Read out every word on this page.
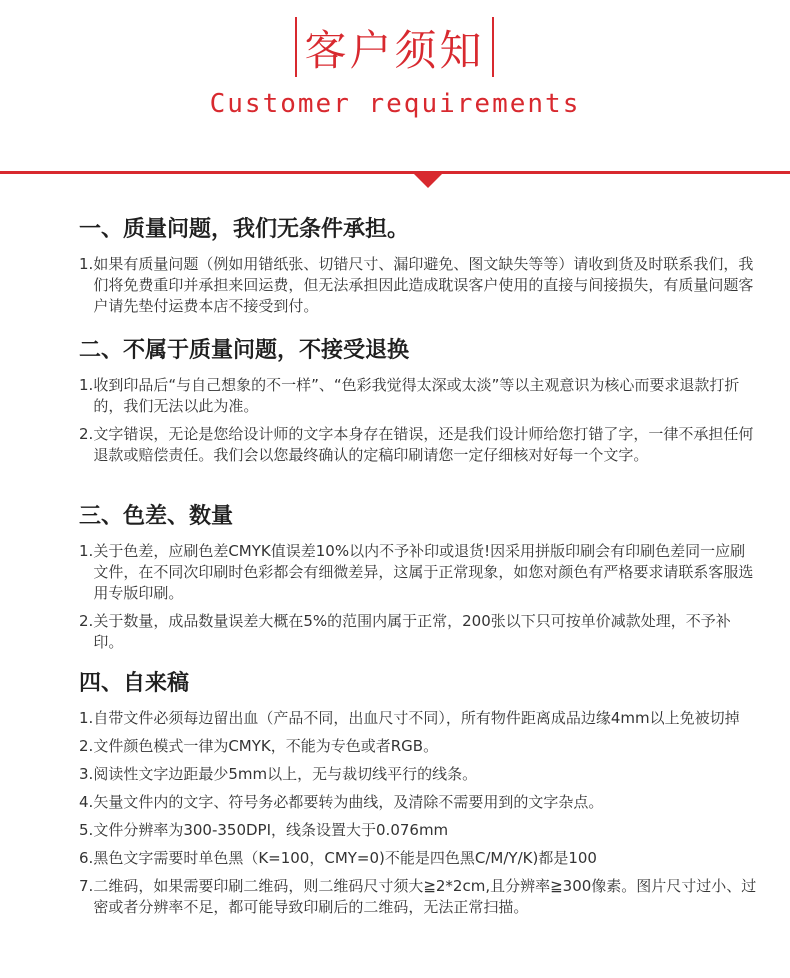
客户须知
Customer requirements
一、质量问题，我们无条件承担。
1. 如果有质量问题（例如用错纸张、切错尺寸、漏印避免、图文缺失等等）请收到货及时联系我们，我们将免费重印并承担来回运费，但无法承担因此造成耽误客户使用的直接与间接损失，有质量问题客户请先垫付运费本店不接受到付。
二、不属于质量问题，不接受退换
1. 收到印品后“与自己想象的不一样”、“色彩我觉得太深或太淡”等以主观意识为核心而要求退款打折的，我们无法以此为准。
2. 文字错误，无论是您给设计师的文字本身存在错误，还是我们设计师给您打错了字，一律不承担任何退款或赔偿责任。我们会以您最终确认的定稿印刷请您一定仔细核对好每一个文字。
三、色差、数量
1. 关于色差，应刷色差CMYK值误差10%以内不予补印或退货!因采用拼版印刷会有印刷色差同一应刷文件，在不同次印刷时色彩都会有细微差异，这属于正常现象，如您对颜色有严格要求请联系客服选用专版印刷。
2. 关于数量，成品数量误差大概在5%的范围内属于正常，200张以下只可按单价减款处理，不予补印。
四、自来稿
1. 自带文件必须每边留出血（产品不同，出血尺寸不同），所有物件距离成品边缘4mm以上免被切掉
2. 文件颜色模式一律为CMYK，不能为专色或者RGB。
3. 阅读性文字边距最少5mm以上，无与裁切线平行的线条。
4. 矢量文件内的文字、符号务必都要转为曲线，及清除不需要用到的文字杂点。
5. 文件分辨率为300-350DPI，线条设置大于0.076mm
6. 黑色文字需要时单色黑（K=100，CMY=0)不能是四色黑C/M/Y/K)都是100
7. 二维码，如果需要印刷二维码，则二维码尺寸须大≧2*2cm,且分辨率≧300像素。图片尺寸过小、过密或者分辨率不足，都可能导致印刷后的二维码，无法正常扫描。
